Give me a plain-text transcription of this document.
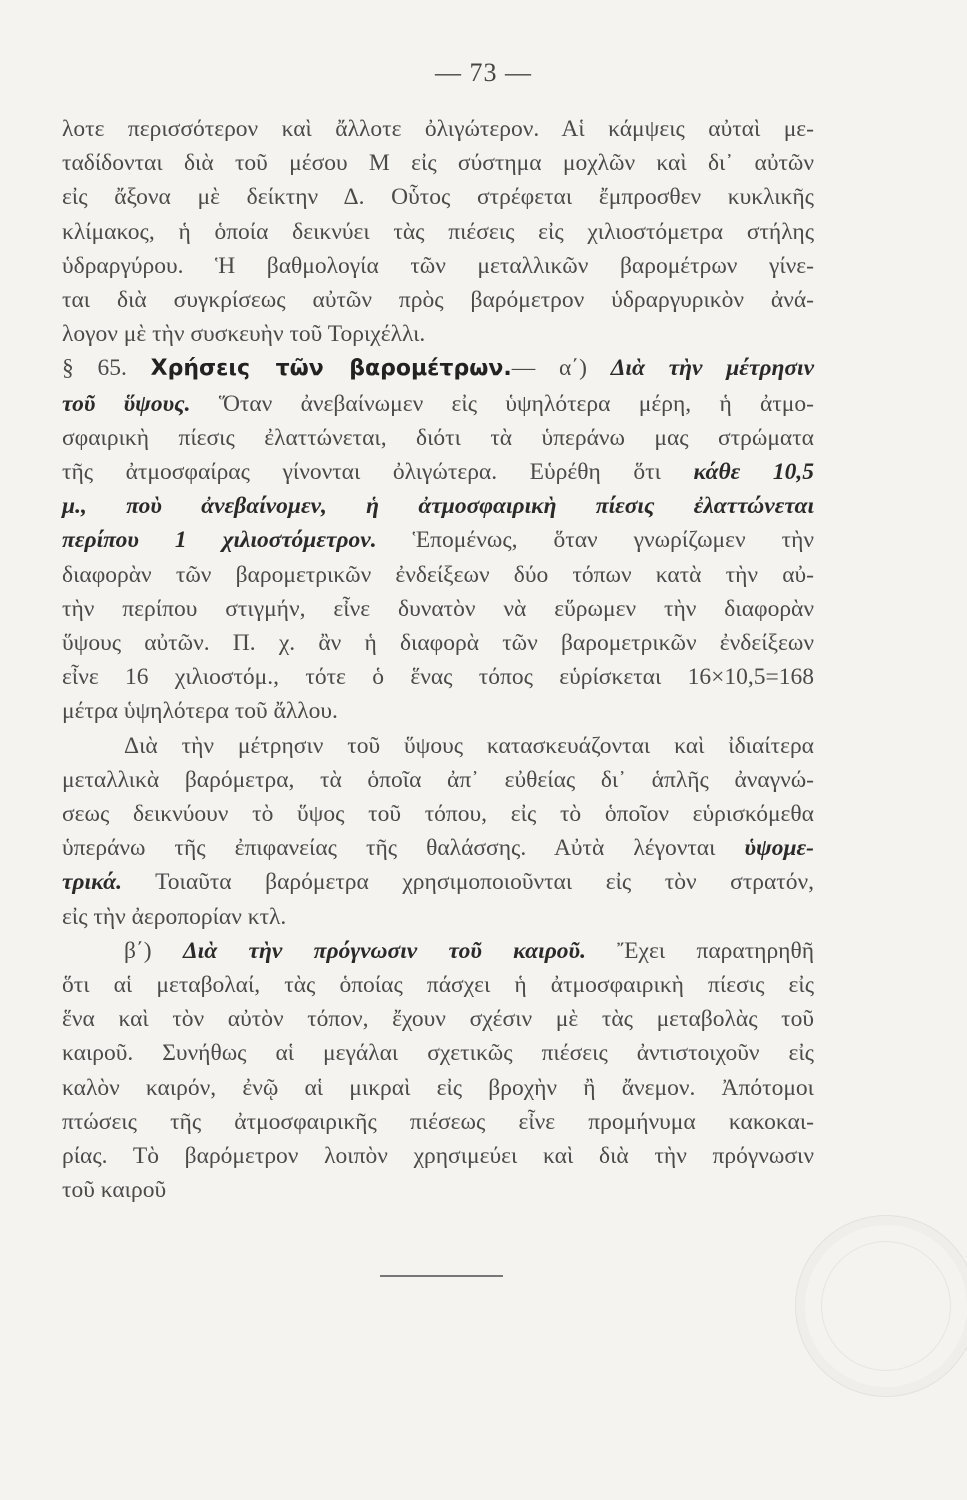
— 73 —
λοτε περισσότερον καὶ ἄλλοτε ὀλιγώτερον. Αἱ κάμψεις αὐταὶ με-
ταδίδονται διὰ τοῦ μέσου Μ εἰς σύστημα μοχλῶν καὶ δι᾽ αὐτῶν
εἰς ἄξονα μὲ δείκτην Δ. Οὗτος στρέφεται ἔμπροσθεν κυκλικῆς
κλίμακος, ἡ ὁποία δεικνύει τὰς πιέσεις εἰς χιλιοστόμετρα στήλης
ὑδραργύρου. Ἡ βαθμολογία τῶν μεταλλικῶν βαρομέτρων γίνε-
ται διὰ συγκρίσεως αὐτῶν πρὸς βαρόμετρον ὑδραργυρικὸν ἀνά-
λογον μὲ τὴν συσκευὴν τοῦ Τοριχέλλι.
§ 65. Χρήσεις τῶν βαρομέτρων.— α΄) Διὰ τὴν μέτρησιν
τοῦ ὕψους. Ὅταν ἀνεβαίνωμεν εἰς ὑψηλότερα μέρη, ἡ ἀτμο-
σφαιρικὴ πίεσις ἐλαττώνεται, διότι τὰ ὑπεράνω μας στρώματα
τῆς ἀτμοσφαίρας γίνονται ὀλιγώτερα. Εὑρέθη ὅτι κάθε 10,5
μ., ποὺ ἀνεβαίνομεν, ἡ ἀτμοσφαιρικὴ πίεσις ἐλαττώνεται
περίπου 1 χιλιοστόμετρον. Ἑπομένως, ὅταν γνωρίζωμεν τὴν
διαφορὰν τῶν βαρομετρικῶν ἐνδείξεων δύο τόπων κατὰ τὴν αὐ-
τὴν περίπου στιγμήν, εἶνε δυνατὸν νὰ εὕρωμεν τὴν διαφορὰν
ὕψους αὐτῶν. Π. χ. ἂν ἡ διαφορὰ τῶν βαρομετρικῶν ἐνδείξεων
εἶνε 16 χιλιοστόμ., τότε ὁ ἕνας τόπος εὑρίσκεται 16×10,5=168
μέτρα ὑψηλότερα τοῦ ἄλλου.
Διὰ τὴν μέτρησιν τοῦ ὕψους κατασκευάζονται καὶ ἰδιαίτερα
μεταλλικὰ βαρόμετρα, τὰ ὁποῖα ἀπ᾽ εὐθείας δι᾽ ἁπλῆς ἀναγνώ-
σεως δεικνύουν τὸ ὕψος τοῦ τόπου, εἰς τὸ ὁποῖον εὑρισκόμεθα
ὑπεράνω τῆς ἐπιφανείας τῆς θαλάσσης. Αὐτὰ λέγονται ὑψομε-
τρικά. Τοιαῦτα βαρόμετρα χρησιμοποιοῦνται εἰς τὸν στρατόν,
εἰς τὴν ἀεροπορίαν κτλ.
β΄) Διὰ τὴν πρόγνωσιν τοῦ καιροῦ. Ἔχει παρατηρηθῆ
ὅτι αἱ μεταβολαί, τὰς ὁποίας πάσχει ἡ ἀτμοσφαιρικὴ πίεσις εἰς
ἕνα καὶ τὸν αὐτὸν τόπον, ἔχουν σχέσιν μὲ τὰς μεταβολὰς τοῦ
καιροῦ. Συνήθως αἱ μεγάλαι σχετικῶς πιέσεις ἀντιστοιχοῦν εἰς
καλὸν καιρόν, ἐνῷ αἱ μικραὶ εἰς βροχὴν ἢ ἄνεμον. Ἀπότομοι
πτώσεις τῆς ἀτμοσφαιρικῆς πιέσεως εἶνε προμήνυμα κακοκαι-
ρίας. Τὸ βαρόμετρον λοιπὸν χρησιμεύει καὶ διὰ τὴν πρόγνωσιν
τοῦ καιροῦ
